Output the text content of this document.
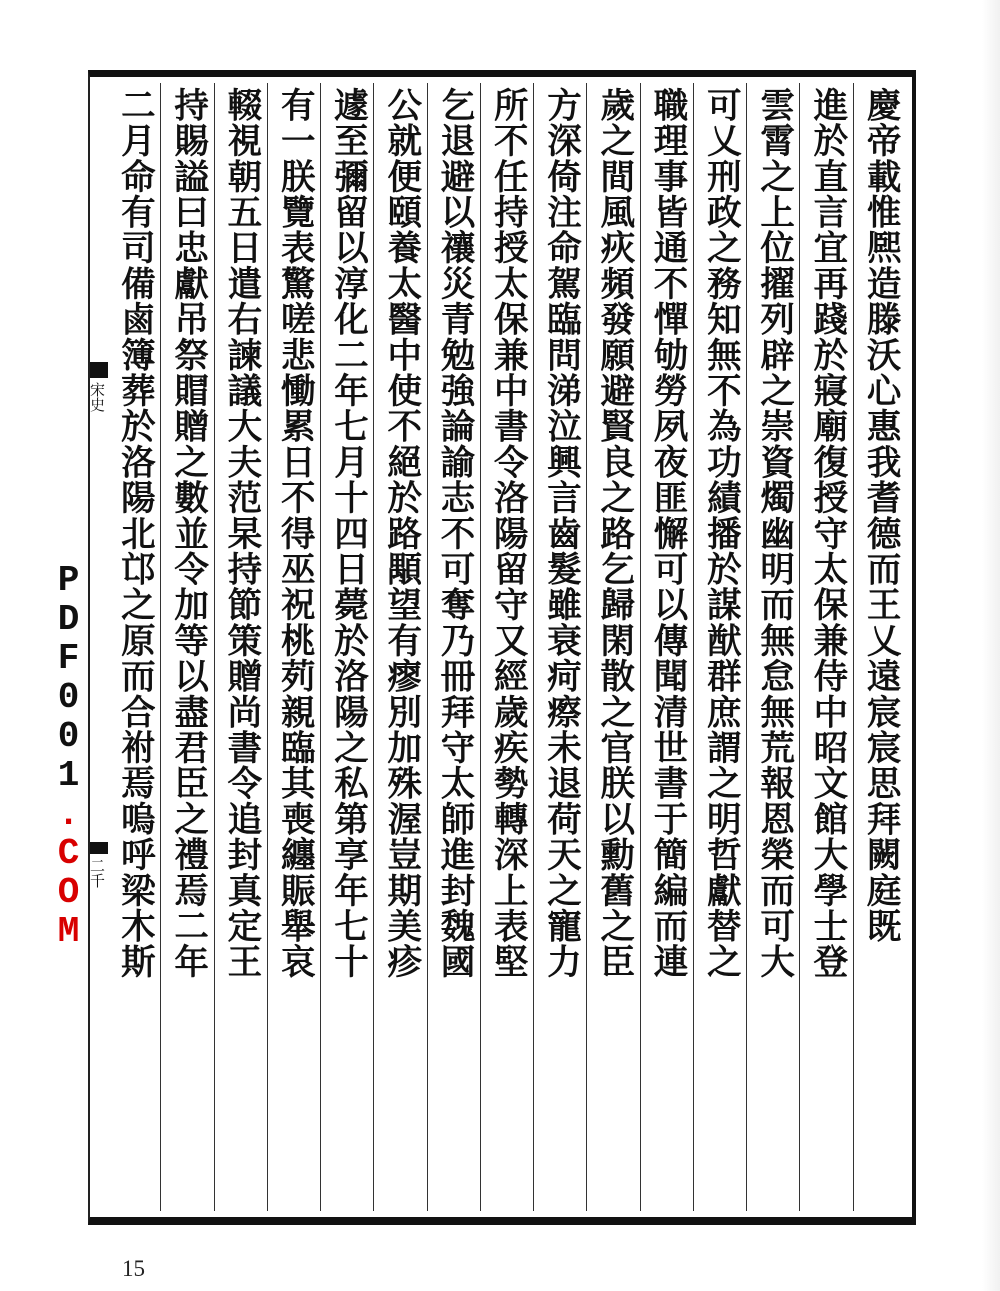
慶帝載惟熈造滕沃心惠我耆德而王乂遠宸宸思拜闕庭既
進於直言宜再踐於寢廟復授守太保兼侍中昭文館大學士登
雲霄之上位擢列辟之崇資燭幽明而無怠無荒報恩榮而可大
可乂刑政之務知無不為功績播於謀猷群庶謂之明哲獻替之
職理事皆通不憚劬勞夙夜匪懈可以傳聞清世書于簡編而連
歲之間風疢頻發願避賢良之路乞歸閑散之官朕以勳舊之臣
方深倚注命駕臨問涕泣興言齒髮雖衰疴瘵未退荷天之寵力
所不任持授太保兼中書令洛陽留守又經歲疾勢轉深上表堅
乞退避以禳災青勉強論諭志不可奪乃冊拜守太師進封魏國
公就便頤養太醫中使不絕於路顒望有瘳別加殊渥豈期美疹
遽至彌留以淳化二年七月十四日薨於洛陽之私第享年七十
有一朕覽表驚嗟悲慟累日不得巫祝桃茢親臨其喪纏賑舉哀
輟視朝五日遣右諫議大夫范杲持節策贈尚書令追封真定王
持賜謚曰忠獻吊祭賵贈之數並令加等以盡君臣之禮焉二年
二月命有司備鹵簿葬於洛陽北邙之原而合祔焉嗚呼梁木斯
宋史
二千
PDF001.COM
15
